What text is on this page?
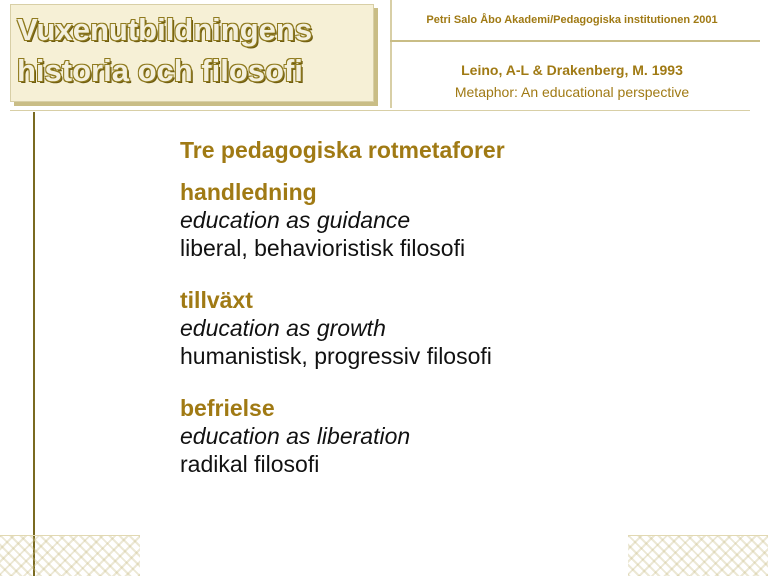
Vuxenutbildningens
historia och filosofi
Petri Salo Åbo Akademi/Pedagogiska institutionen 2001
Leino, A-L & Drakenberg, M. 1993
Metaphor: An educational perspective
Tre pedagogiska rotmetaforer
handledning
education as guidance
liberal, behavioristisk filosofi
tillväxt
education as growth
humanistisk, progressiv filosofi
befrielse
education as liberation
radikal filosofi
